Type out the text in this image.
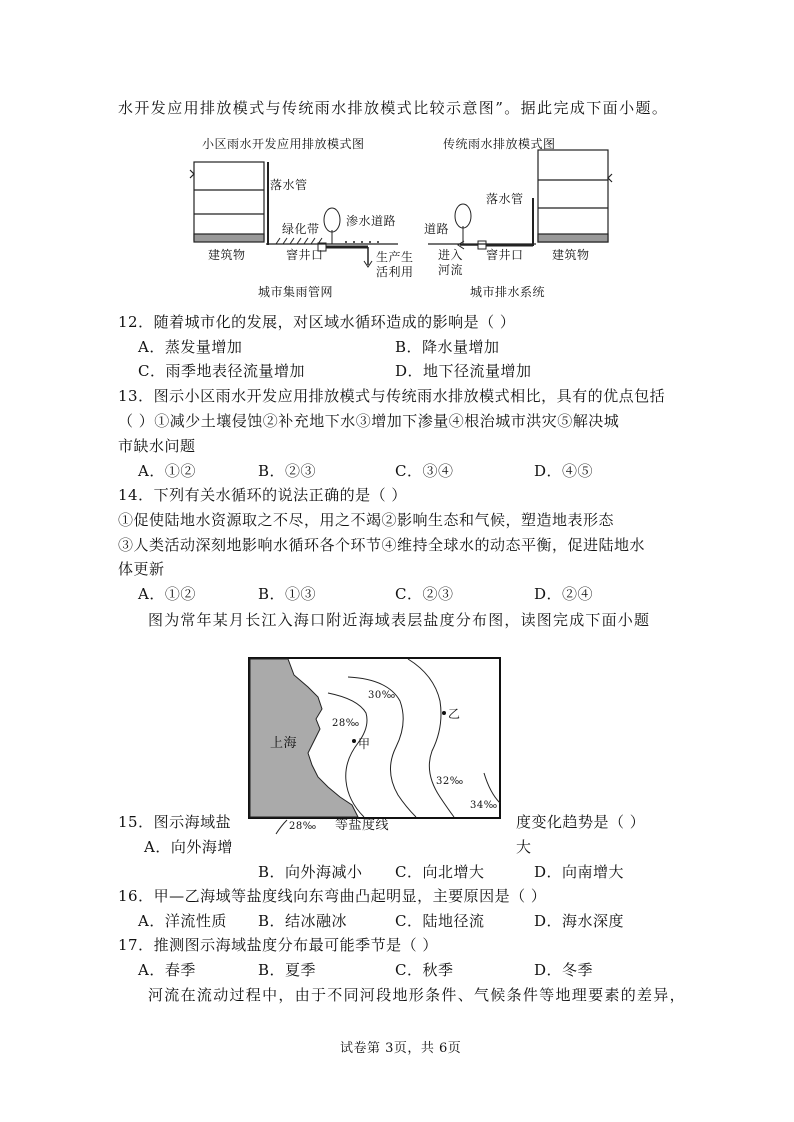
水开发应用排放模式与传统雨水排放模式比较示意图”。据此完成下面小题。
小区雨水开发应用排放模式图	传统雨水排放模式图
落水管
绿化带
渗水道路
建筑物	窨井口	生产生
活利用
城市集雨管网
落水管
道路
进入
河流
窨井口 建筑物
城市排水系统
12．随着城市化的发展，对区域水循环造成的影响是（ ）
A．蒸发量增加	B．降水量增加
C．雨季地表径流量增加	D．地下径流量增加
13．图示小区雨水开发应用排放模式与传统雨水排放模式相比，具有的优点包括
（ ）①减少土壤侵蚀②补充地下水③增加下渗量④根治城市洪灾⑤解决城
市缺水问题
A．①②	B．②③	C．③④	D．④⑤
14．下列有关水循环的说法正确的是（ ）
①促使陆地水资源取之不尽，用之不竭②影响生态和气候，塑造地表形态
③人类活动深刻地影响水循环各个环节④维持全球水的动态平衡，促进陆地水
体更新
A．①②	B．①③	C．②③	D．②④
图为常年某月长江入海口附近海域表层盐度分布图，读图完成下面小题
上海	甲
乙
28‰
30‰
32‰
34‰
28‰ 等盐度线
15．图示海域盐	度变化趋势是（ ）
A．向外海增	大
B．向外海减小 C．向北增大	D．向南增大
16．甲—乙海域等盐度线向东弯曲凸起明显，主要原因是（ ）
A．洋流性质 B．结冰融冰	C．陆地径流	D．海水深度
17．推测图示海域盐度分布最可能季节是（ ）
A．春季	B．夏季	C．秋季	D．冬季
河流在流动过程中，由于不同河段地形条件、气候条件等地理要素的差异，
试卷第 3页，共 6页
